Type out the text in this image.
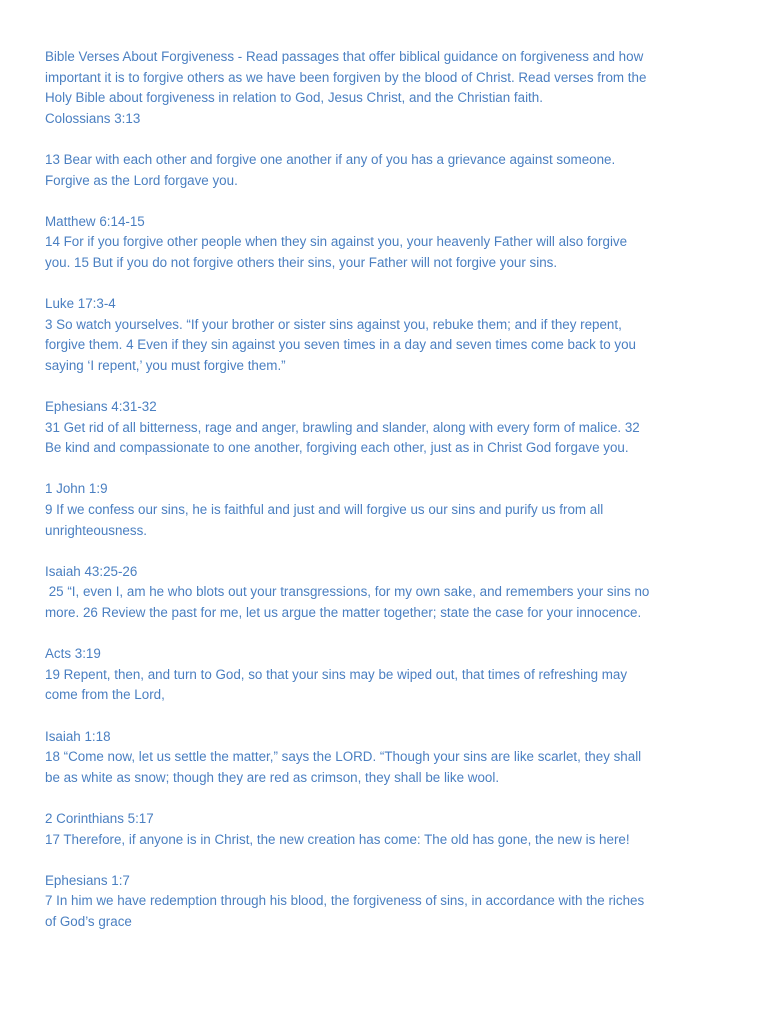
Bible Verses About Forgiveness - Read passages that offer biblical guidance on forgiveness and how
important it is to forgive others as we have been forgiven by the blood of Christ. Read verses from the
Holy Bible about forgiveness in relation to God, Jesus Christ, and the Christian faith.
Colossians 3:13
13 Bear with each other and forgive one another if any of you has a grievance against someone.
Forgive as the Lord forgave you.
Matthew 6:14-15
14 For if you forgive other people when they sin against you, your heavenly Father will also forgive
you. 15 But if you do not forgive others their sins, your Father will not forgive your sins.
Luke 17:3-4
3 So watch yourselves. “If your brother or sister sins against you, rebuke them; and if they repent,
forgive them. 4 Even if they sin against you seven times in a day and seven times come back to you
saying ‘I repent,’ you must forgive them.”
Ephesians 4:31-32
31 Get rid of all bitterness, rage and anger, brawling and slander, along with every form of malice. 32
Be kind and compassionate to one another, forgiving each other, just as in Christ God forgave you.
1 John 1:9
9 If we confess our sins, he is faithful and just and will forgive us our sins and purify us from all
unrighteousness.
Isaiah 43:25-26
25 “I, even I, am he who blots out your transgressions, for my own sake, and remembers your sins no
more. 26 Review the past for me, let us argue the matter together; state the case for your innocence.
Acts 3:19
19 Repent, then, and turn to God, so that your sins may be wiped out, that times of refreshing may
come from the Lord,
Isaiah 1:18
18 “Come now, let us settle the matter,” says the LORD. “Though your sins are like scarlet, they shall
be as white as snow; though they are red as crimson, they shall be like wool.
2 Corinthians 5:17
17 Therefore, if anyone is in Christ, the new creation has come: The old has gone, the new is here!
Ephesians 1:7
7 In him we have redemption through his blood, the forgiveness of sins, in accordance with the riches
of God’s grace
